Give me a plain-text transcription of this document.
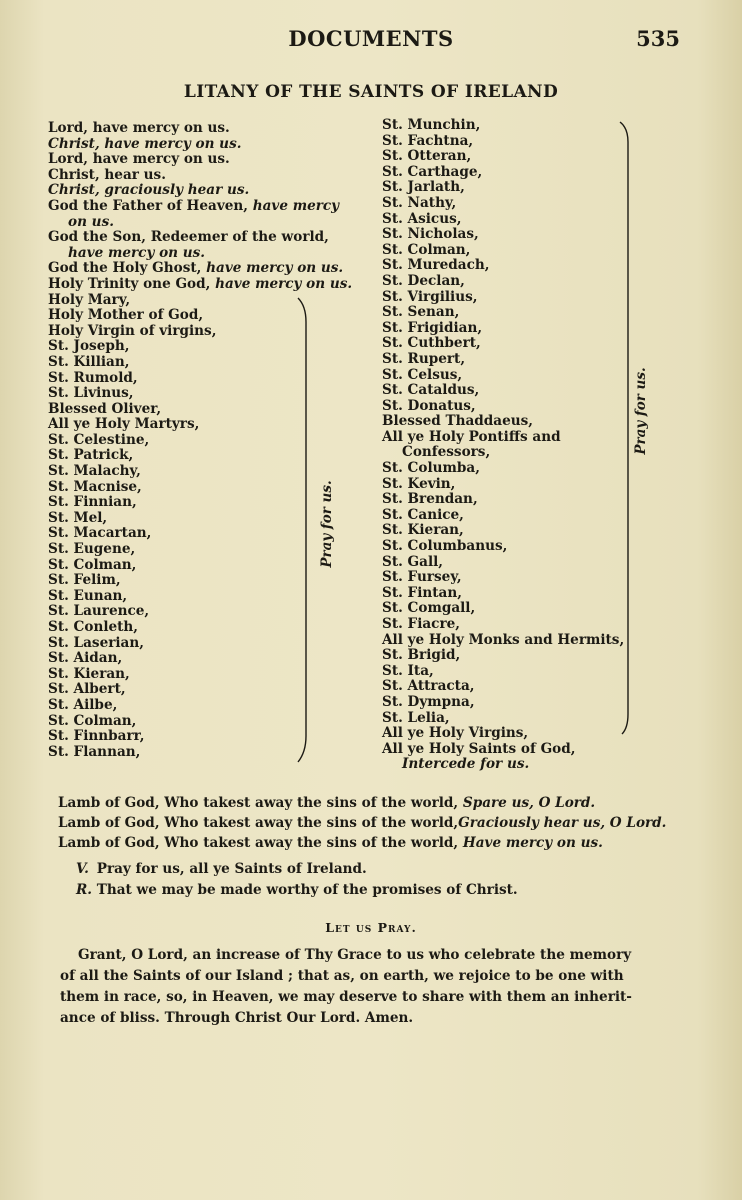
DOCUMENTS	535
LITANY OF THE SAINTS OF IRELAND
Lord, have mercy on us.
Christ, have mercy on us.
Lord, have mercy on us.
Christ, hear us.
Christ, graciously hear us.
God the Father of Heaven, have mercy
on us.
God the Son, Redeemer of the world,
have mercy on us.
God the Holy Ghost, have mercy on us.
Holy Trinity one God, have mercy on us.
Holy Mary,
Holy Mother of God,
Holy Virgin of virgins,
St. Joseph,
St. Killian,
St. Rumold,
St. Livinus,
Blessed Oliver,
All ye Holy Martyrs,
St. Celestine,
St. Patrick,
St. Malachy,
St. Macnise,
St. Finnian,
St. Mel,
St. Macartan,
St. Eugene,
St. Colman,
St. Felim,
St. Eunan,
St. Laurence,
St. Conleth,
St. Laserian,
St. Aidan,
St. Kieran,
St. Albert,
St. Ailbe,
St. Colman,
St. Finnbarr,
St. Flannan,
St. Munchin,
St. Fachtna,
St. Otteran,
St. Carthage,
St. Jarlath,
St. Nathy,
St. Asicus,
St. Nicholas,
St. Colman,
St. Muredach,
St. Declan,
St. Virgilius,
St. Senan,
St. Frigidian,
St. Cuthbert,
St. Rupert,
St. Celsus,
St. Cataldus,
St. Donatus,
Blessed Thaddaeus,
All ye Holy Pontiffs and
Confessors,
St. Columba,
St. Kevin,
St. Brendan,
St. Canice,
St. Kieran,
St. Columbanus,
St. Gall,
St. Fursey,
St. Fintan,
St. Comgall,
St. Fiacre,
All ye Holy Monks and Hermits,
St. Brigid,
St. Ita,
St. Attracta,
St. Dympna,
St. Lelia,
All ye Holy Virgins,
All ye Holy Saints of God,
Intercede for us.
Pray for us.
Pray for us.
Lamb of God, Who takest away the sins of the world, Spare us, O Lord.
Lamb of God, Who takest away the sins of the world,Graciously hear us, O Lord.
Lamb of God, Who takest away the sins of the world, Have mercy on us.
V. Pray for us, all ye Saints of Ireland.
R. That we may be made worthy of the promises of Christ.
Let us Pray.
Grant, O Lord, an increase of Thy Grace to us who celebrate the memory
of all the Saints of our Island ; that as, on earth, we rejoice to be one with
them in race, so, in Heaven, we may deserve to share with them an inherit-
ance of bliss. Through Christ Our Lord. Amen.
